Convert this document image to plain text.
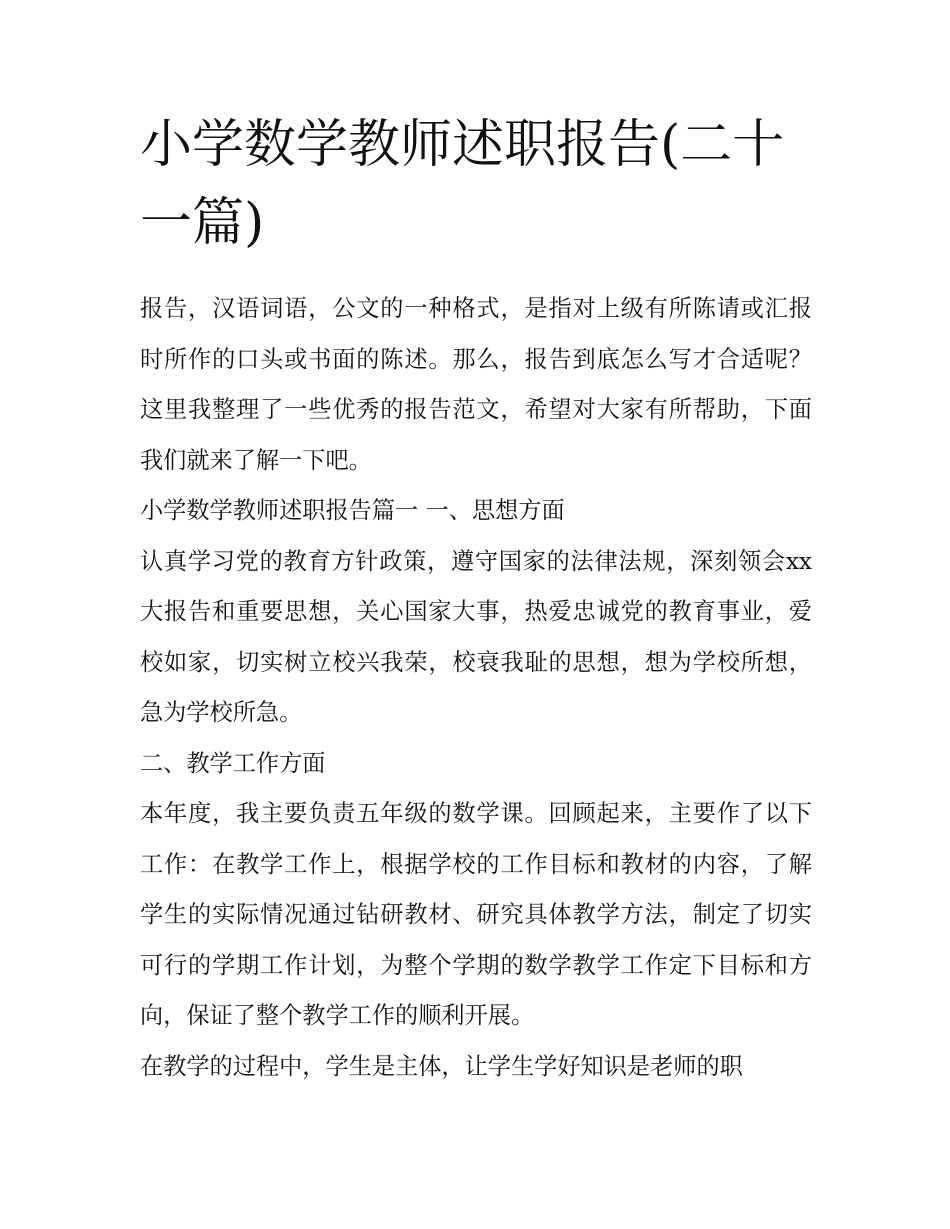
小学数学教师述职报告(二十一篇)

报告，汉语词语，公文的一种格式，是指对上级有所陈请或汇报时所作的口头或书面的陈述。那么，报告到底怎么写才合适呢？这里我整理了一些优秀的报告范文，希望对大家有所帮助，下面我们就来了解一下吧。

小学数学教师述职报告篇一 一、思想方面

认真学习党的教育方针政策，遵守国家的法律法规，深刻领会xx大报告和重要思想，关心国家大事，热爱忠诚党的教育事业，爱校如家，切实树立校兴我荣，校衰我耻的思想，想为学校所想，急为学校所急。

二、教学工作方面

本年度，我主要负责五年级的数学课。回顾起来，主要作了以下工作：在教学工作上，根据学校的工作目标和教材的内容，了解学生的实际情况通过钻研教材、研究具体教学方法，制定了切实可行的学期工作计划，为整个学期的数学教学工作定下目标和方向，保证了整个教学工作的顺利开展。

在教学的过程中，学生是主体，让学生学好知识是老师的职
